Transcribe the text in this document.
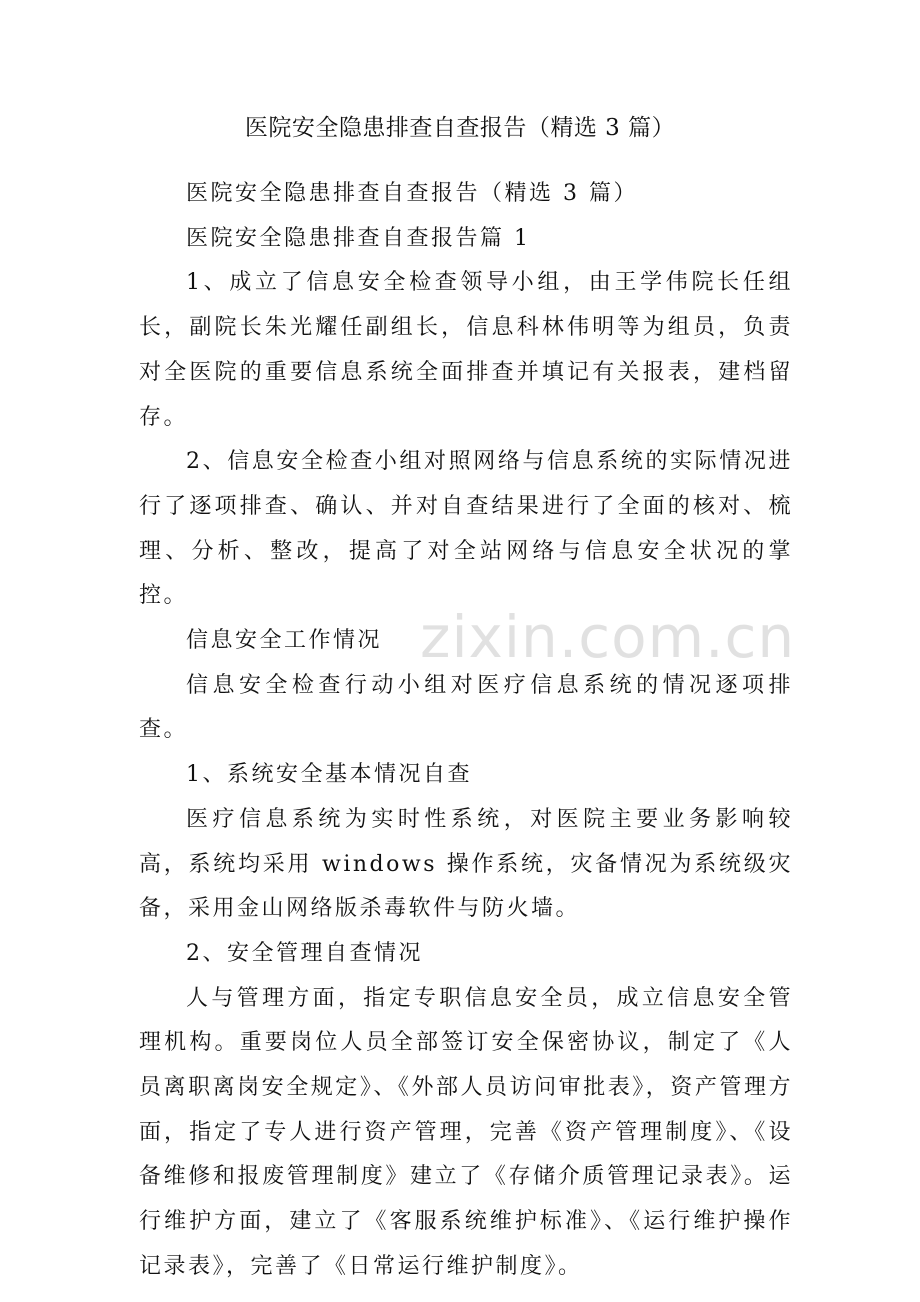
医院安全隐患排查自查报告（精选 3 篇）

医院安全隐患排查自查报告（精选 3 篇）

医院安全隐患排查自查报告篇 1

1、成立了信息安全检查领导小组，由王学伟院长任组长，副院长朱光耀任副组长，信息科林伟明等为组员，负责对全医院的重要信息系统全面排查并填记有关报表，建档留存。

2、信息安全检查小组对照网络与信息系统的实际情况进行了逐项排查、确认、并对自查结果进行了全面的核对、梳理、分析、整改，提高了对全站网络与信息安全状况的掌控。

信息安全工作情况

信息安全检查行动小组对医疗信息系统的情况逐项排查。

1、系统安全基本情况自查

医疗信息系统为实时性系统，对医院主要业务影响较高，系统均采用 windows 操作系统，灾备情况为系统级灾备，采用金山网络版杀毒软件与防火墙。

2、安全管理自查情况

人与管理方面，指定专职信息安全员，成立信息安全管理机构。重要岗位人员全部签订安全保密协议，制定了《人员离职离岗安全规定》、《外部人员访问审批表》，资产管理方面，指定了专人进行资产管理，完善《资产管理制度》、《设备维修和报废管理制度》建立了《存储介质管理记录表》。运行维护方面，建立了《客服系统维护标准》、《运行维护操作记录表》，完善了《日常运行维护制度》。

zixin.com.cn
